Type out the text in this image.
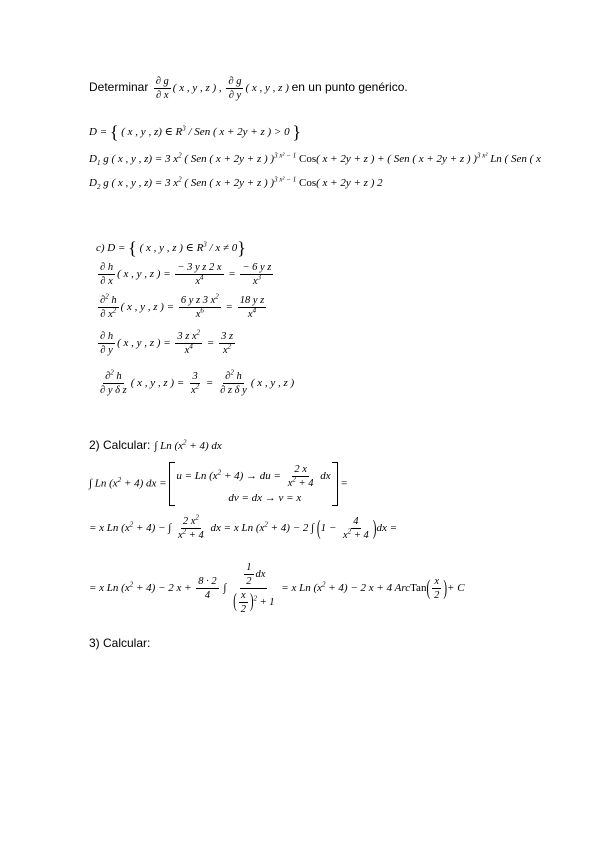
Determinar $\frac{\partial g}{\partial x}$ ( x , y , z ) , $\frac{\partial g}{\partial y}$ ( x , y , z ) en un punto genérico.
D = { ( x , y , z) ∈ $R^3$ / Sen ( x + 2y + z ) > 0 }
$D_1$ g ( x , y , z) = 3 $x^2$ ( Sen ( x + 2y + z ) )$^{3 x^2 - 1}$ Cos( x + 2y + z ) + ( Sen ( x + 2y + z ) )$^{3 x^2}$ Ln ( Sen ( x
$D_2$ g ( x , y , z) = 3 $x^2$ ( Sen ( x + 2y + z ) )$^{3 x^2 - 1}$ Cos( x + 2y + z ) 2
c) D = { ( x , y , z ) ∈ $R^3 / x \ne 0$}
$\frac{\partial h}{\partial x}$ ( x , y , z ) = $\frac{\text{− 3 y z 2 x}}{x^4} = \frac{\text{− 6 y z}}{x^3}$
$\frac{\partial^2 h}{\partial x^2}$ ( x , y , z ) = $\frac{6 y z 3 x^2}{x^6} = \frac{\text{18 y z}}{x^4}$
$\frac{\partial h}{\partial y}$ ( x , y , z ) = $\frac{3 z x^2}{x^4} = \frac{3 z}{x^2}$
$\frac{\partial^2 h}{\text{∂ y δ z}}$ ( x , y , z ) = $\frac{3}{x^2} = \frac{\partial^2 h}{\text{∂ z δ y}}$ ( x , y , z )
2) Calcular: ∫ Ln $(x^2 + 4)$ dx
∫ Ln $(x^2 + 4)$ dx =
u = Ln $(x^2 + 4)$ → du = $\frac{2 x}{x^2 + 4}$ dx
dv = dx → v = x
=
= x Ln $(x^2 + 4)$ − ∫ $\frac{2 x^2}{x^2 + 4}$ dx = x Ln $(x^2 + 4) - 2$ ∫ $(1 - \frac{4}{x^2 + 4} )dx$ =
= x Ln $(x^2 + 4) - 2$ $x + \frac{8 \cdot 2}{4}$ ∫ $\frac{\frac{1}{2} dx}{( \frac{x}{2} )^2 + 1} = x$ Ln $(x^2 + 4) - 2$ x + 4 ArcTan( $\frac{x}{2}$ )+ C
3) Calcular:
